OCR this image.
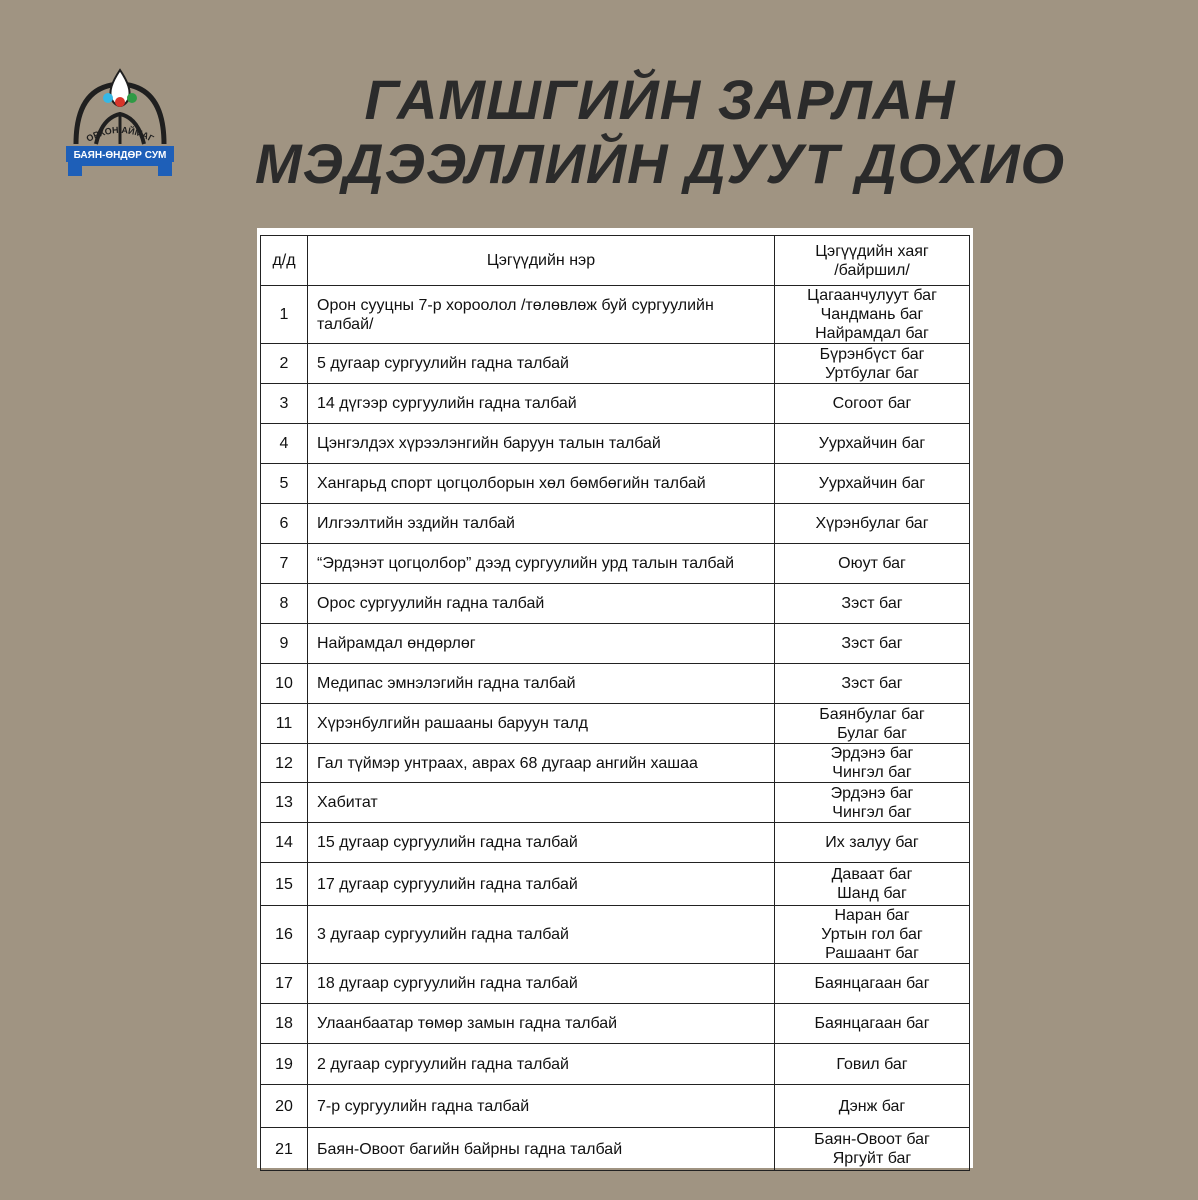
ОРХОН АЙМАГ
БАЯН-ӨНДӨР СУМ
ГАМШГИЙН ЗАРЛАН
МЭДЭЭЛЛИЙН ДУУТ ДОХИО
д/д	Цэгүүдийн нэр	Цэгүүдийн хаяг
/байршил/

1	Орон сууцны 7-р хороолол /төлөвлөж буй сургуулийн
талбай/	Цагаанчулуут баг
Чандмань баг
Найрамдал баг

2	5 дугаар сургуулийн гадна талбай	Бүрэнбүст баг
Уртбулаг баг

3	14 дүгээр сургуулийн гадна талбай	Согоот баг

4	Цэнгэлдэх хүрээлэнгийн баруун талын талбай	Уурхайчин баг

5	Хангарьд спорт цогцолборын хөл бөмбөгийн талбай	Уурхайчин баг

6	Илгээлтийн эздийн талбай	Хүрэнбулаг баг

7	“Эрдэнэт цогцолбор” дээд сургуулийн урд талын талбай	Оюут баг

8	Орос сургуулийн гадна талбай	Зэст баг

9	Найрамдал өндөрлөг	Зэст баг

10	Медипас эмнэлэгийн гадна талбай	Зэст баг

11	Хүрэнбулгийн рашааны баруун талд	Баянбулаг баг
Булаг баг

12	Гал түймэр унтраах, аврах 68 дугаар ангийн хашаа	Эрдэнэ баг
Чингэл баг

13	Хабитат	Эрдэнэ баг
Чингэл баг

14	15 дугаар сургуулийн гадна талбай	Их залуу баг

15	17 дугаар сургуулийн гадна талбай	Даваат баг
Шанд баг

16	3 дугаар сургуулийн гадна талбай	Наран баг
Уртын гол баг
Рашаант баг

17	18 дугаар сургуулийн гадна талбай	Баянцагаан баг

18	Улаанбаатар төмөр замын гадна талбай	Баянцагаан баг

19	2 дугаар сургуулийн гадна талбай	Говил баг

20	7-р сургуулийн гадна талбай	Дэнж баг

21	Баян-Овоот багийн байрны гадна талбай	Баян-Овоот баг
Яргуйт баг
